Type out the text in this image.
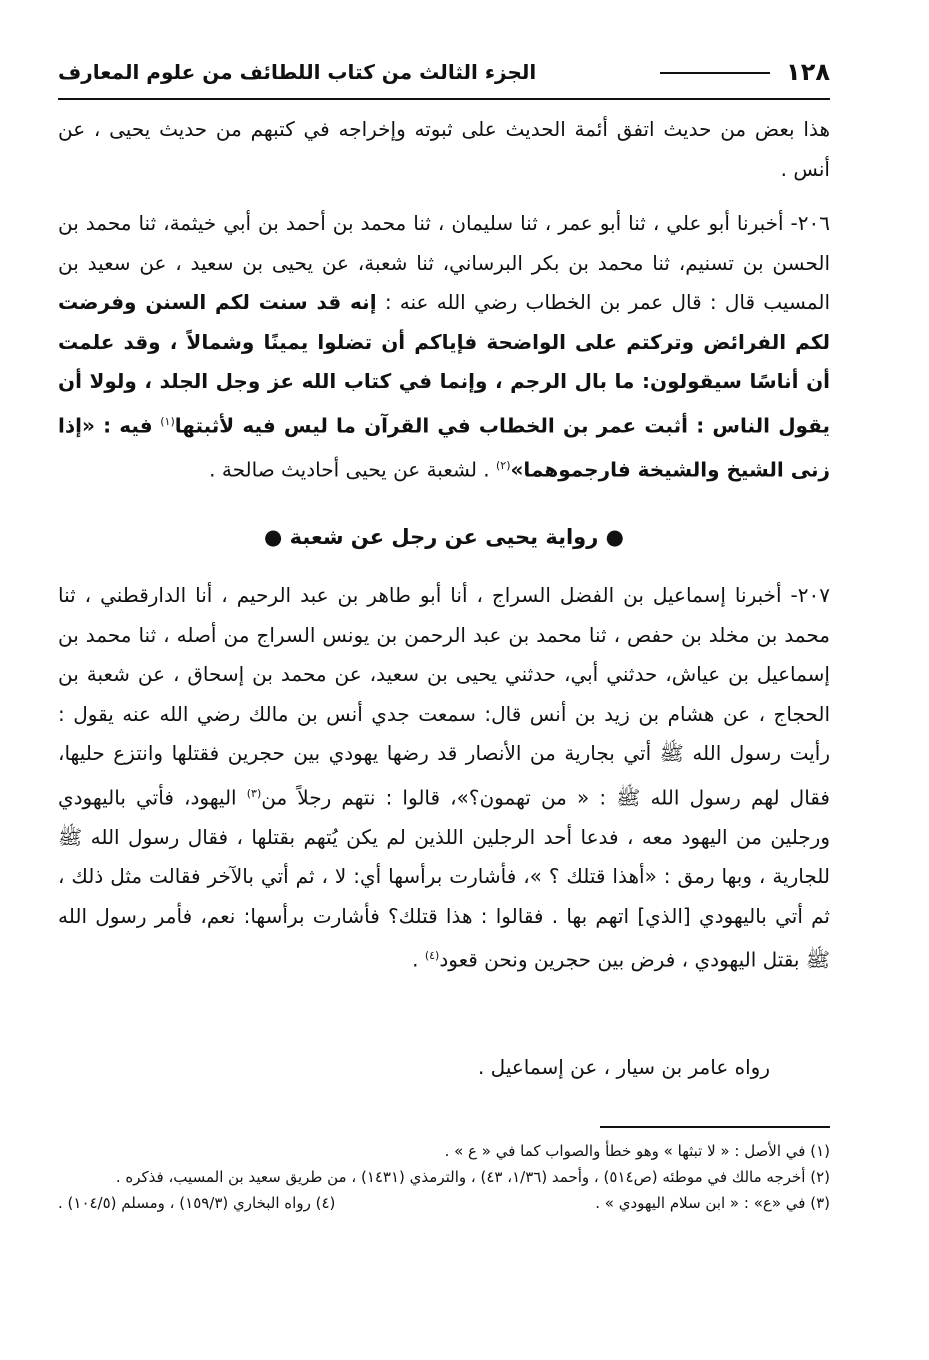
١٢٨
الجزء الثالث من كتاب اللطائف من علوم المعارف
هذا بعض من حديث اتفق أئمة الحديث على ثبوته وإخراجه في كتبهم من حديث يحيى ، عن أنس .
٢٠٦- أخبرنا أبو علي ، ثنا أبو عمر ، ثنا سليمان ، ثنا محمد بن أحمد بن أبي خيثمة، ثنا محمد بن الحسن بن تسنيم، ثنا محمد بن بكر البرساني، ثنا شعبة، عن يحيى بن سعيد ، عن سعيد بن المسيب قال : قال عمر بن الخطاب رضي الله عنه : إنه قد سنت لكم السنن وفرضت لكم الفرائض وتركتم على الواضحة فإياكم أن تضلوا يمينًا وشمالاً ، وقد علمت أن أناسًا سيقولون: ما بال الرجم ، وإنما في كتاب الله عز وجل الجلد ، ولولا أن يقول الناس : أثبت عمر بن الخطاب في القرآن ما ليس فيه لأثبتها$^{(١)}$ فيه : «إذا زنى الشيخ والشيخة فارجموهما»$^{(٢)}$ . لشعبة عن يحيى أحاديث صالحة .
● رواية يحيى عن رجل عن شعبة ●
٢٠٧- أخبرنا إسماعيل بن الفضل السراج ، أنا أبو طاهر بن عبد الرحيم ، أنا الدارقطني ، ثنا محمد بن مخلد بن حفص ، ثنا محمد بن عبد الرحمن بن يونس السراج من أصله ، ثنا محمد بن إسماعيل بن عياش، حدثني أبي، حدثني يحيى بن سعيد، عن محمد بن إسحاق ، عن شعبة بن الحجاج ، عن هشام بن زيد بن أنس قال: سمعت جدي أنس بن مالك رضي الله عنه يقول : رأيت رسول الله ﷺ أتي بجارية من الأنصار قد رضها يهودي بين حجرين فقتلها وانتزع حليها، فقال لهم رسول الله ﷺ : « من تهمون؟»، قالوا : نتهم رجلاً من$^{(٣)}$ اليهود، فأتي باليهودي ورجلين من اليهود معه ، فدعا أحد الرجلين اللذين لم يكن يُتهم بقتلها ، فقال رسول الله ﷺ للجارية ، وبها رمق : «أهذا قتلك ؟ »، فأشارت برأسها أي: لا ، ثم أتي بالآخر فقالت مثل ذلك ، ثم أتي باليهودي [الذي] اتهم بها . فقالوا : هذا قتلك؟ فأشارت برأسها: نعم، فأمر رسول الله ﷺ بقتل اليهودي ، فرض بين حجرين ونحن قعود$^{(٤)}$ .
رواه عامر بن سيار ، عن إسماعيل .
(١) في الأصل : « لا تبثها » وهو خطأ والصواب كما في « ع » .
(٢) أخرجه مالك في موطئه (ص٥١٤) ، وأحمد (١/٣٦، ٤٣) ، والترمذي (١٤٣١) ، من طريق سعيد بن المسيب، فذكره .
(٣) في «ع» : « ابن سلام اليهودي » .
(٤) رواه البخاري (١٥٩/٣) ، ومسلم (١٠٤/٥) .
